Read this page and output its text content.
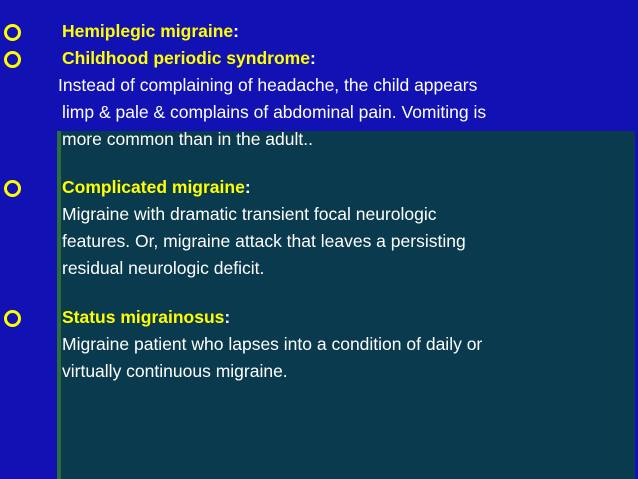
Hemiplegic migraine:
Childhood periodic syndrome:
Instead of complaining of headache, the child appears
limp & pale & complains of abdominal pain. Vomiting is
more common than in the adult..
Complicated migraine:
Migraine with dramatic transient focal neurologic
features. Or, migraine attack that leaves a persisting
residual neurologic deficit.
Status migrainosus:
Migraine patient who lapses into a condition of daily or
virtually continuous migraine.
